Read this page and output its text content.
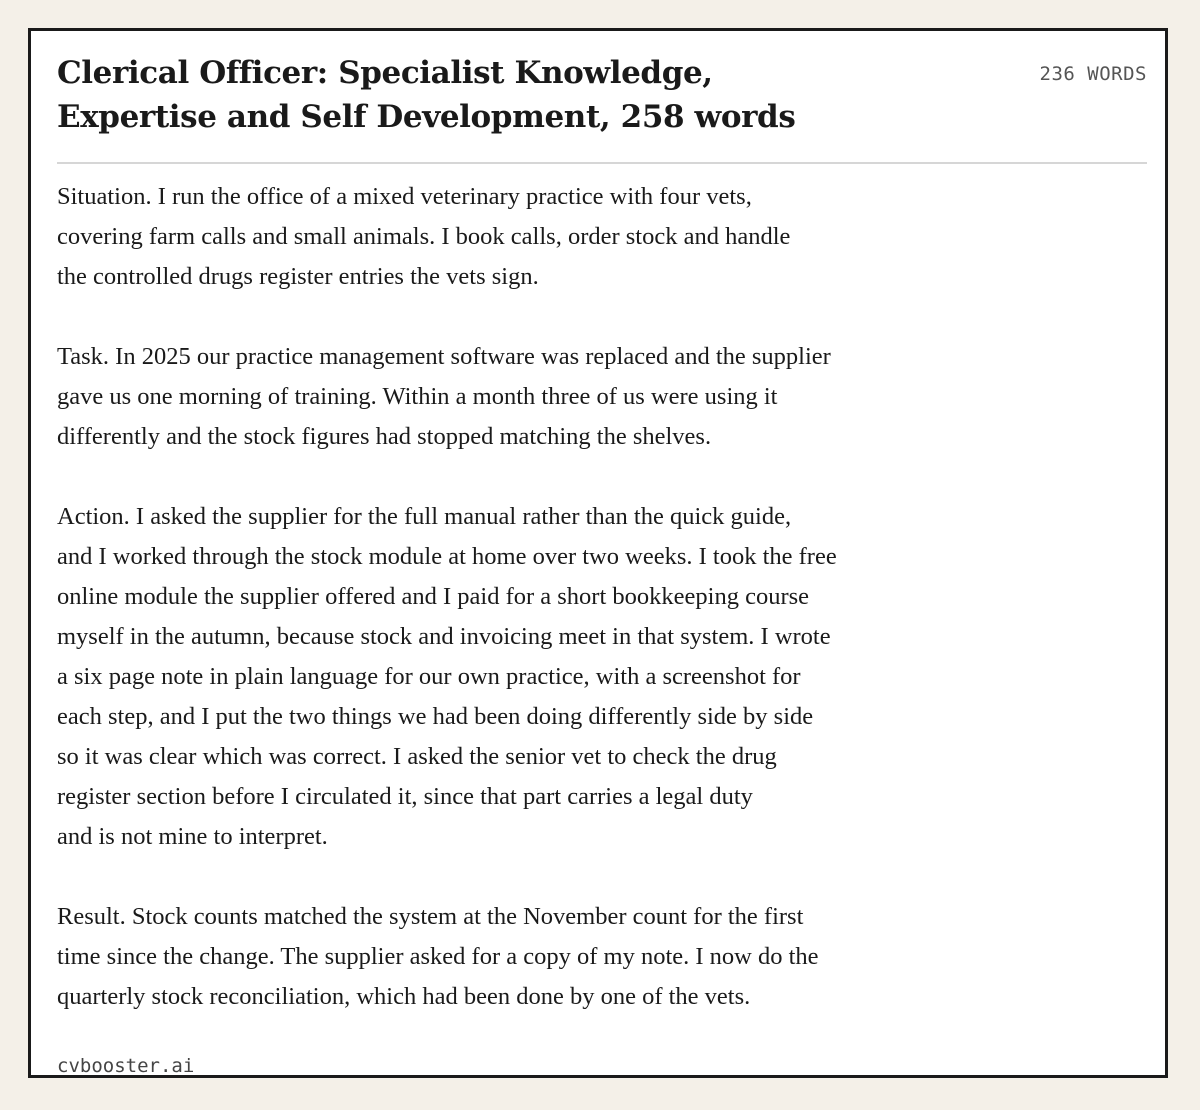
Clerical Officer: Specialist Knowledge,
Expertise and Self Development, 258 words
236 WORDS

Situation. I run the office of a mixed veterinary practice with four vets,
covering farm calls and small animals. I book calls, order stock and handle
the controlled drugs register entries the vets sign.

Task. In 2025 our practice management software was replaced and the supplier
gave us one morning of training. Within a month three of us were using it
differently and the stock figures had stopped matching the shelves.

Action. I asked the supplier for the full manual rather than the quick guide,
and I worked through the stock module at home over two weeks. I took the free
online module the supplier offered and I paid for a short bookkeeping course
myself in the autumn, because stock and invoicing meet in that system. I wrote
a six page note in plain language for our own practice, with a screenshot for
each step, and I put the two things we had been doing differently side by side
so it was clear which was correct. I asked the senior vet to check the drug
register section before I circulated it, since that part carries a legal duty
and is not mine to interpret.

Result. Stock counts matched the system at the November count for the first
time since the change. The supplier asked for a copy of my note. I now do the
quarterly stock reconciliation, which had been done by one of the vets.

cvbooster.ai
